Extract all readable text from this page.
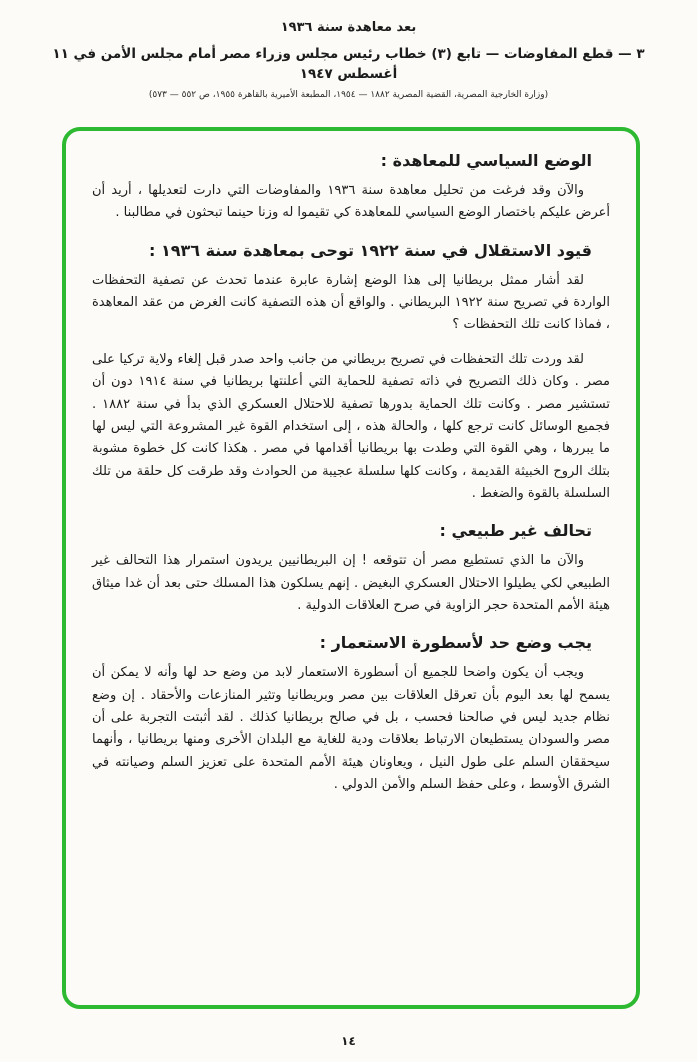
بعد معاهدة سنة ١٩٣٦
٣ — قطع المفاوضات — تابع (٣) خطاب رئيس مجلس وزراء مصر أمام مجلس الأمن في ١١ أغسطس ١٩٤٧
(وزارة الخارجية المصرية، القضية المصرية ١٨٨٢ — ١٩٥٤، المطبعة الأميرية بالقاهرة ١٩٥٥، ص ٥٥٢ — ٥٧٣)
الوضع السياسي للمعاهدة :

والآن وقد فرغت من تحليل معاهدة سنة ١٩٣٦ والمفاوضات التي دارت لتعديلها ، أريد أن أعرض عليكم باختصار الوضع السياسي للمعاهدة كي تقيموا له وزنا حينما تبحثون في مطالبنا .

قيود الاستقلال في سنة ١٩٢٢ توحى بمعاهدة سنة ١٩٣٦ :

لقد أشار ممثل بريطانيا إلى هذا الوضع إشارة عابرة عندما تحدث عن تصفية التحفظات الواردة في تصريح سنة ١٩٢٢ البريطاني . والواقع أن هذه التصفية كانت الغرض من عقد المعاهدة ، فماذا كانت تلك التحفظات ؟

لقد وردت تلك التحفظات في تصريح بريطاني من جانب واحد صدر قبل إلغاء ولاية تركيا على مصر . وكان ذلك التصريح في ذاته تصفية للحماية التي أعلنتها بريطانيا في سنة ١٩١٤ دون أن تستشير مصر . وكانت تلك الحماية بدورها تصفية للاحتلال العسكري الذي بدأ في سنة ١٨٨٢ . فجميع الوسائل كانت ترجع كلها ، والحالة هذه ، إلى استخدام القوة غير المشروعة التي ليس لها ما يبررها ، وهي القوة التي وطدت بها بريطانيا أقدامها في مصر . هكذا كانت كل خطوة مشوبة بتلك الروح الخبيثة القديمة ، وكانت كلها سلسلة عجيبة من الحوادث وقد طرقت كل حلقة من تلك السلسلة بالقوة والضغط .

تحالف غير طبيعي :

والآن ما الذي تستطيع مصر أن تتوقعه ! إن البريطانيين يريدون استمرار هذا التحالف غير الطبيعي لكي يطيلوا الاحتلال العسكري البغيض . إنهم يسلكون هذا المسلك حتى بعد أن غدا ميثاق هيئة الأمم المتحدة حجر الزاوية في صرح العلاقات الدولية .

يجب وضع حد لأسطورة الاستعمار :

ويجب أن يكون واضحا للجميع أن أسطورة الاستعمار لابد من وضع حد لها وأنه لا يمكن أن يسمح لها بعد اليوم بأن تعرقل العلاقات بين مصر وبريطانيا وتثير المنازعات والأحقاد . إن وضع نظام جديد ليس في صالحنا فحسب ، بل في صالح بريطانيا كذلك . لقد أثبتت التجربة على أن مصر والسودان يستطيعان الارتباط بعلاقات ودية للغاية مع البلدان الأخرى ومنها بريطانيا ، وأنهما سيحققان السلم على طول النيل ، ويعاونان هيئة الأمم المتحدة على تعزيز السلم وصيانته في الشرق الأوسط ، وعلى حفظ السلم والأمن الدولي .

١٤
